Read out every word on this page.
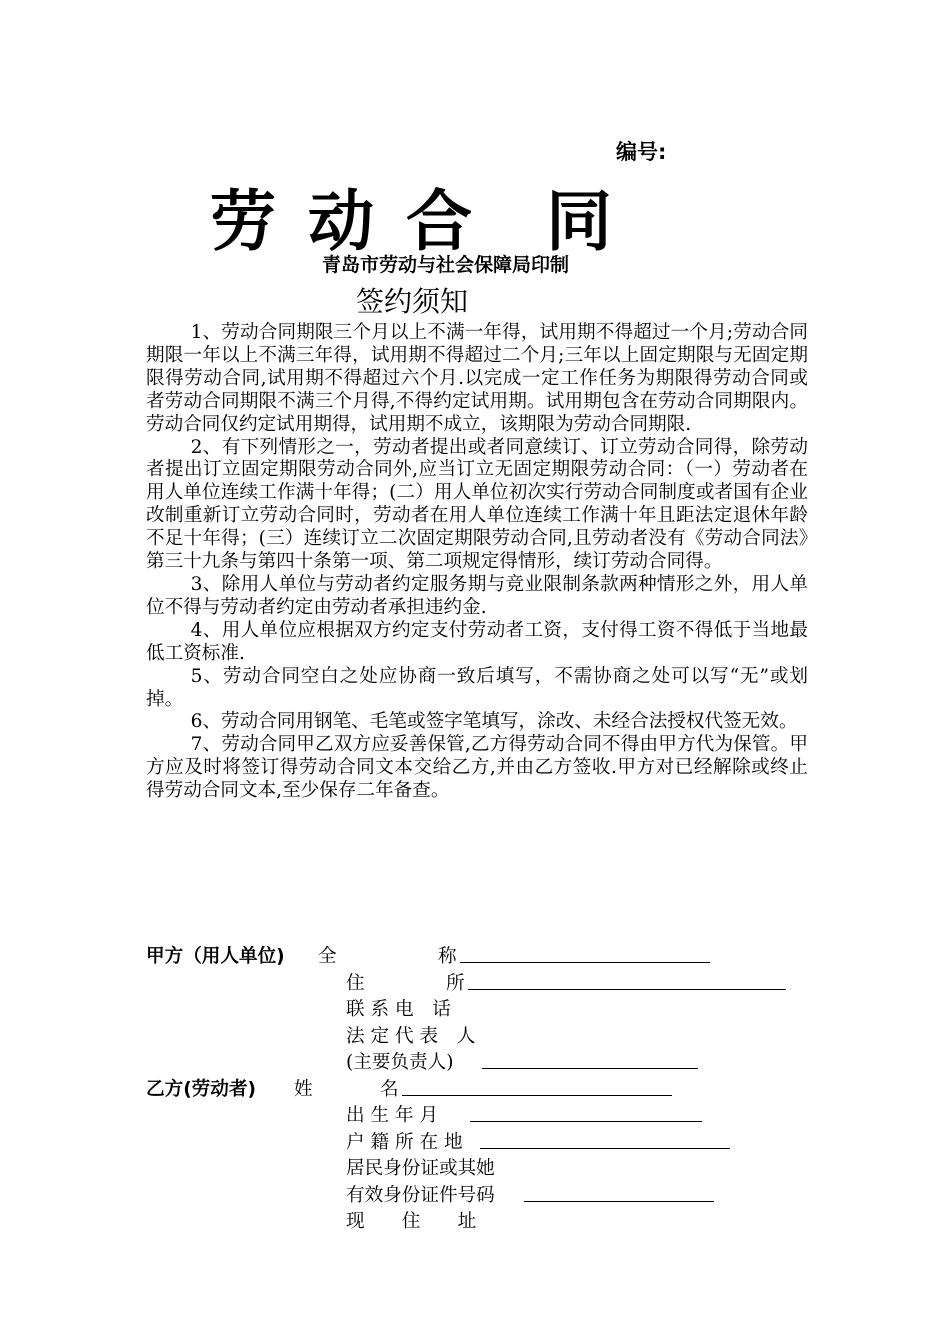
编号:
劳 动 合 同
青岛市劳动与社会保障局印制
签约须知

1、劳动合同期限三个月以上不满一年得，试用期不得超过一个月;劳动合同期限一年以上不满三年得，试用期不得超过二个月;三年以上固定期限与无固定期限得劳动合同,试用期不得超过六个月.以完成一定工作任务为期限得劳动合同或者劳动合同期限不满三个月得,不得约定试用期。试用期包含在劳动合同期限内。劳动合同仅约定试用期得，试用期不成立，该期限为劳动合同期限.

2、有下列情形之一，劳动者提出或者同意续订、订立劳动合同得，除劳动者提出订立固定期限劳动合同外,应当订立无固定期限劳动合同：（一）劳动者在用人单位连续工作满十年得；(二）用人单位初次实行劳动合同制度或者国有企业改制重新订立劳动合同时，劳动者在用人单位连续工作满十年且距法定退休年龄不足十年得；(三）连续订立二次固定期限劳动合同,且劳动者没有《劳动合同法》第三十九条与第四十条第一项、第二项规定得情形，续订劳动合同得。

3、除用人单位与劳动者约定服务期与竞业限制条款两种情形之外，用人单位不得与劳动者约定由劳动者承担违约金.

4、用人单位应根据双方约定支付劳动者工资，支付得工资不得低于当地最低工资标准.

5、劳动合同空白之处应协商一致后填写，不需协商之处可以写“无”或划掉。

6、劳动合同用钢笔、毛笔或签字笔填写，涂改、未经合法授权代签无效。

7、劳动合同甲乙双方应妥善保管,乙方得劳动合同不得由甲方代为保管。甲方应及时将签订得劳动合同文本交给乙方,并由乙方签收.甲方对已经解除或终止得劳动合同文本,至少保存二年备查。

甲方（用人单位) 全	称
住	所
联 系 电　话
法 定 代 表　人
(主要负责人)
乙方(劳动者) 姓	名
出 生 年 月
户 籍 所 在 地
居民身份证或其她
有效身份证件号码
现　　住　　址
